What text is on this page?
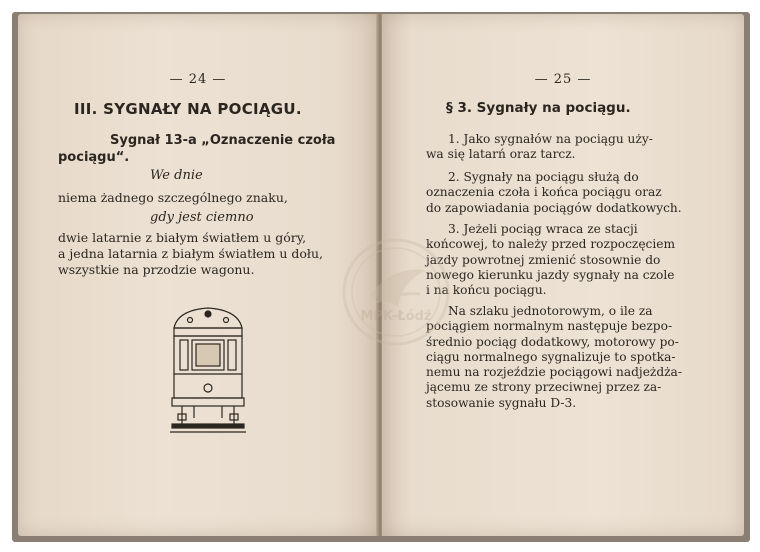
— 24 —
III. SYGNAŁY NA POCIĄGU.
Sygnał 13-a „Oznaczenie czoła
pociągu“.
We dnie
niema żadnego szczególnego znaku,
gdy jest ciemno
dwie latarnie z białym światłem u góry,
a jedna latarnia z białym światłem u dołu,
wszystkie na przodzie wagonu.
— 25 —
§ 3. Sygnały na pociągu.
1. Jako sygnałów na pociągu uży-
wa się latarń oraz tarcz.
2. Sygnały na pociągu służą do
oznaczenia czoła i końca pociągu oraz
do zapowiadania pociągów dodatkowych.
3. Jeżeli pociąg wraca ze stacji
końcowej, to należy przed rozpoczęciem
jazdy powrotnej zmienić stosownie do
nowego kierunku jazdy sygnały na czole
i na końcu pociągu.
Na szlaku jednotorowym, o ile za
pociągiem normalnym następuje bezpo-
średnio pociąg dodatkowy, motorowy po-
ciągu normalnego sygnalizuje to spotka-
nemu na rozjeździe pociągowi nadjeżdża-
jącemu ze strony przeciwnej przez za-
stosowanie sygnału D-3.
MPK-Łódź
